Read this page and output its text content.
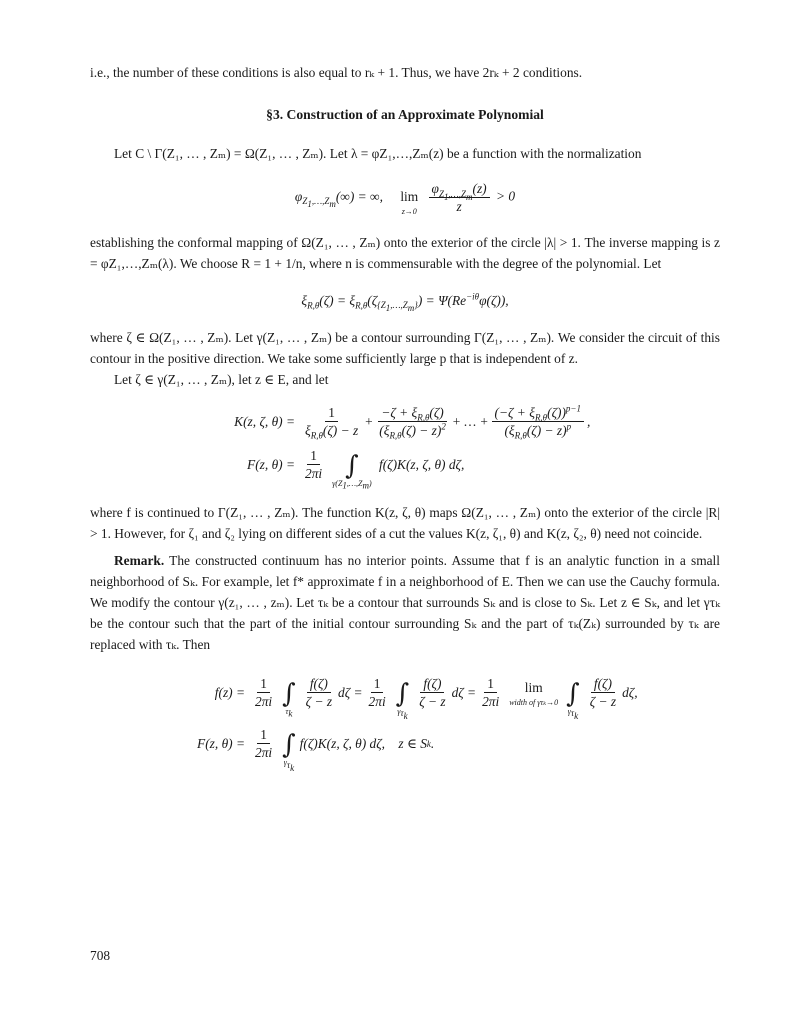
i.e., the number of these conditions is also equal to rₖ + 1. Thus, we have 2rₖ + 2 conditions.

§3. Construction of an Approximate Polynomial

Let C \ Γ(Z₁, … , Zₘ) = Ω(Z₁, … , Zₘ). Let λ = φZ₁,…,Zₘ(z) be a function with the normalization

$\varphi_{Z_1,\dots,Z_m}(\infty)$ = ∞, lim
z→0
$\frac{\varphi_{Z_1,\dots,Z_m}(z)}{z} > 0$

establishing the conformal mapping of Ω(Z₁, … , Zₘ) onto the exterior of the circle |λ| > 1. The inverse mapping is z = φZ₁,…,Zₘ(λ). We choose R = 1 + 1/n, where n is commensurable with the degree of the polynomial. Let

$\xi_{R,\theta}(\zeta) = \xi_{R,\theta}(\zeta_{\{Z_1,\dots,Z_m\}}) = \Psi(Re^{-i\theta}\varphi(\zeta))$,

where ζ ∈ Ω(Z₁, … , Zₘ). Let γ(Z₁, … , Zₘ) be a contour surrounding Γ(Z₁, … , Zₘ). We consider the circuit of this contour in the positive direction. We take some sufficiently large p that is independent of z.

Let ζ ∈ γ(Z₁, … , Zₘ), let z ∈ E, and let

K(z, ζ, $\theta) = \frac{1}{\xi_{R,\theta}(\zeta) - z} + \frac{-\zeta + \xi_{R,\theta}(\zeta)}{(\xi_{R,\theta}(\zeta) - z)^2}$ + … + $\frac{(-\zeta + \xi_{R,\theta}(\zeta))^{p-1}}{(\xi_{R,\theta}(\zeta) - z)^p}$ ,
F(z, $\theta) = \frac{1}{2\pi i}$ ∫
$\gamma(Z_1,\dots,Z_m)$
f(ζ)K(z, ζ, θ) dζ,

where f is continued to Γ(Z₁, … , Zₘ). The function K(z, ζ, θ) maps Ω(Z₁, … , Zₘ) onto the exterior of the circle |R| > 1. However, for ζ₁ and ζ₂ lying on different sides of a cut the values K(z, ζ₁, θ) and K(z, ζ₂, θ) need not coincide.

Remark. The constructed continuum has no interior points. Assume that f is an analytic function in a small neighborhood of Sₖ. For example, let f* approximate f in a neighborhood of E. Then we can use the Cauchy formula. We modify the contour γ(z₁, … , zₘ). Let τₖ be a contour that surrounds Sₖ and is close to Sₖ. Let z ∈ Sₖ, and let γτₖ be the contour such that the part of the initial contour surrounding Sₖ and the part of τₖ(Zₖ) surrounded by τₖ are replaced with τₖ. Then

$f(z) = \frac{1}{2\pi i}$ ∫
$\tau_k$
$\frac{f(\zeta)}{\zeta - z}$ $d\zeta = \frac{1}{2\pi i}$ ∫
$\gamma_{\tau_k}$
$\frac{f(\zeta)}{\zeta - z}$ $d\zeta = \frac{1}{2\pi i}$ lim
width of γτₖ→0 ∫
$\gamma_{\tau_k}$
$\frac{f(\zeta)}{\zeta - z} d\zeta$,
F(z, $\theta) = \frac{1}{2\pi i}$ ∫
$\gamma_{\tau_k}$
f(ζ)K(z, ζ, θ) dζ,    z ∈ S k .
708
